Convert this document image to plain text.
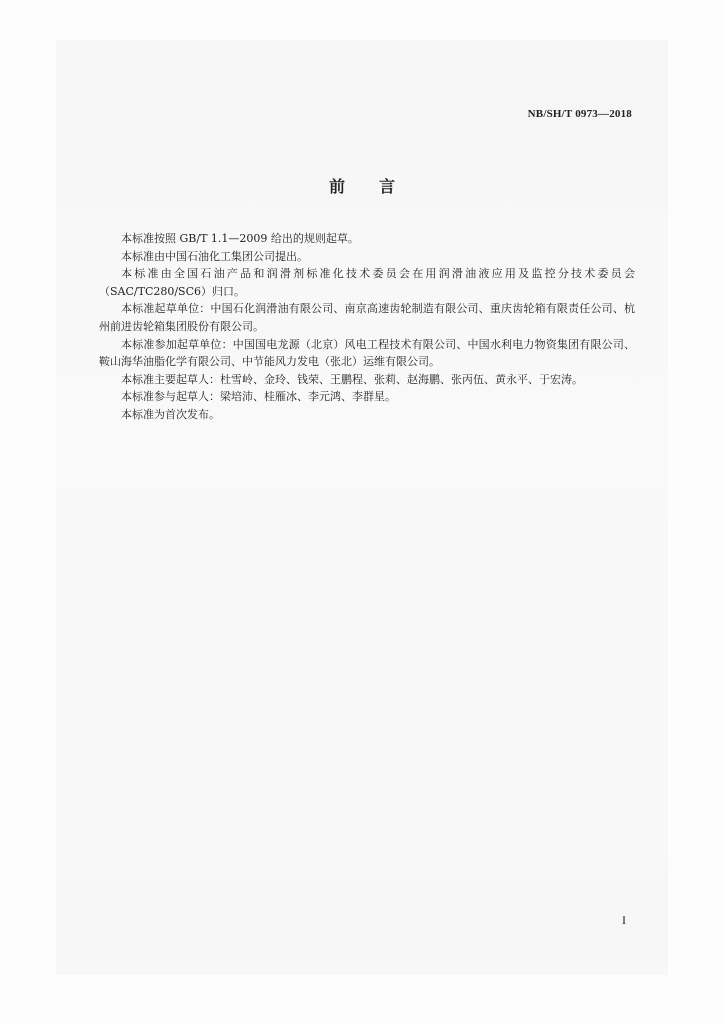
NB/SH/T 0973—2018
前言

本标准按照 GB/T 1.1—2009 给出的规则起草。

本标准由中国石油化工集团公司提出。

本标准由全国石油产品和润滑剂标准化技术委员会在用润滑油液应用及监控分技术委员会（SAC/TC280/SC6）归口。

本标准起草单位：中国石化润滑油有限公司、南京高速齿轮制造有限公司、重庆齿轮箱有限责任公司、杭州前进齿轮箱集团股份有限公司。

本标准参加起草单位：中国国电龙源（北京）风电工程技术有限公司、中国水利电力物资集团有限公司、鞍山海华油脂化学有限公司、中节能风力发电（张北）运维有限公司。

本标准主要起草人：杜雪岭、金玲、钱荣、王鹏程、张莉、赵海鹏、张丙伍、黄永平、于宏涛。

本标准参与起草人：梁培沛、桂雁冰、李元鸿、李群星。

本标准为首次发布。

I
